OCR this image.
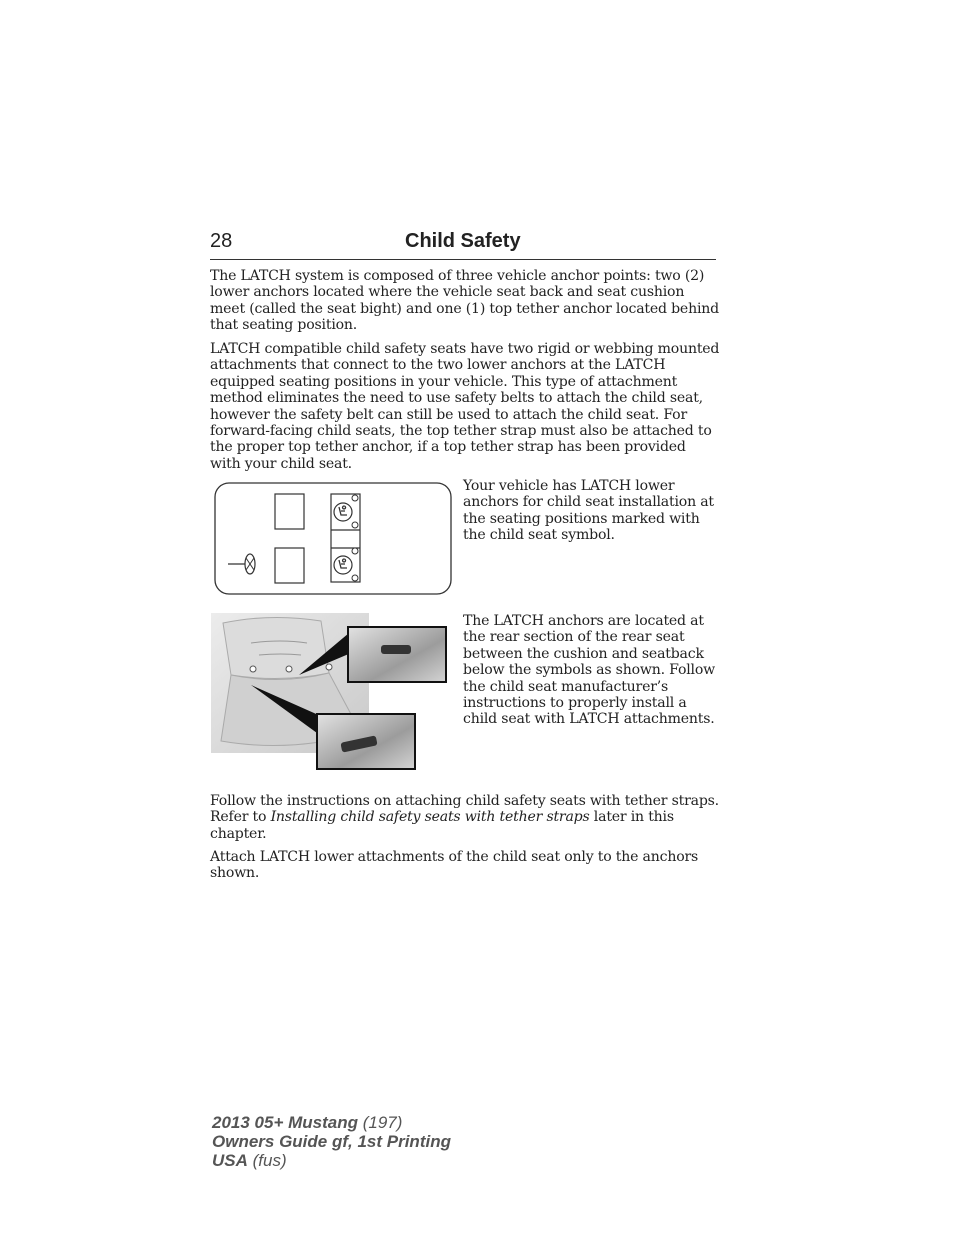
28	Child Safety

The LATCH system is composed of three vehicle anchor points: two (2) lower anchors located where the vehicle seat back and seat cushion meet (called the seat bight) and one (1) top tether anchor located behind that seating position.

LATCH compatible child safety seats have two rigid or webbing mounted attachments that connect to the two lower anchors at the LATCH equipped seating positions in your vehicle. This type of attachment method eliminates the need to use safety belts to attach the child seat, however the safety belt can still be used to attach the child seat. For forward-facing child seats, the top tether strap must also be attached to the proper top tether anchor, if a top tether strap has been provided with your child seat.

Your vehicle has LATCH lower anchors for child seat installation at the seating positions marked with the child seat symbol.

The LATCH anchors are located at the rear section of the rear seat between the cushion and seatback below the symbols as shown. Follow the child seat manufacturer’s instructions to properly install a child seat with LATCH attachments.

Follow the instructions on attaching child safety seats with tether straps. Refer to Installing child safety seats with tether straps later in this chapter.

Attach LATCH lower attachments of the child seat only to the anchors shown.

2013 05+ Mustang (197)
Owners Guide gf, 1st Printing
USA (fus)
